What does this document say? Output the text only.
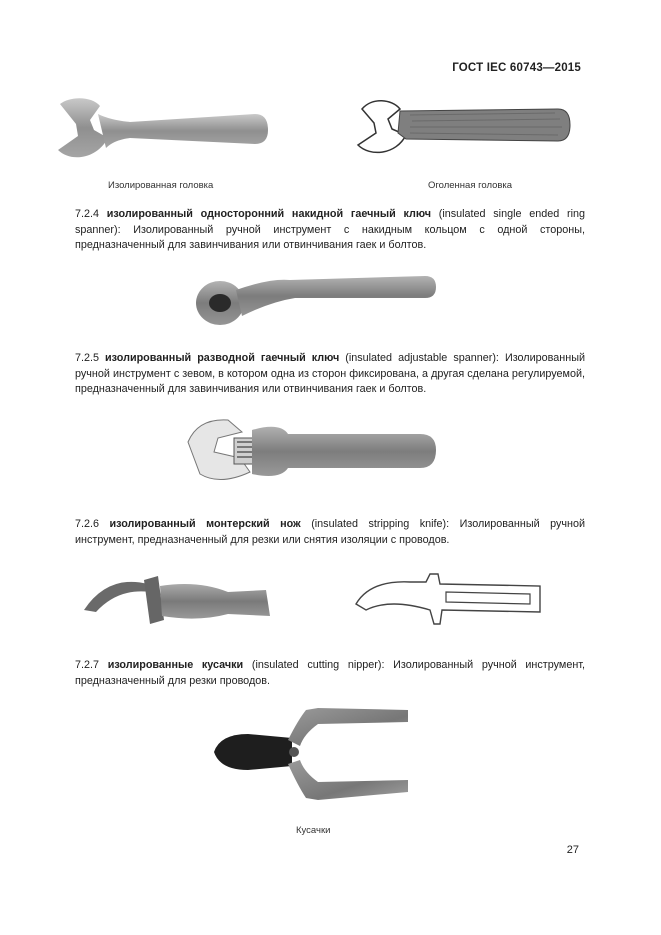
ГОСТ IEC 60743—2015
Изолированная головка	Оголенная головка
7.2.4 изолированный односторонний накидной гаечный ключ (insulated single ended ring spanner): Изолированный ручной инструмент с накидным кольцом с одной стороны, предназначенный для завинчивания или отвинчивания гаек и болтов.
7.2.5 изолированный разводной гаечный ключ (insulated adjustable spanner): Изолированный ручной инструмент с зевом, в котором одна из сторон фиксирована, а другая сделана регулируемой, предназначенный для завинчивания или отвинчивания гаек и болтов.
7.2.6 изолированный монтерский нож (insulated stripping knife): Изолированный ручной инструмент, предназначенный для резки или снятия изоляции с проводов.
7.2.7 изолированные кусачки (insulated cutting nipper): Изолированный ручной инструмент, предназначенный для резки проводов.
Кусачки
27
